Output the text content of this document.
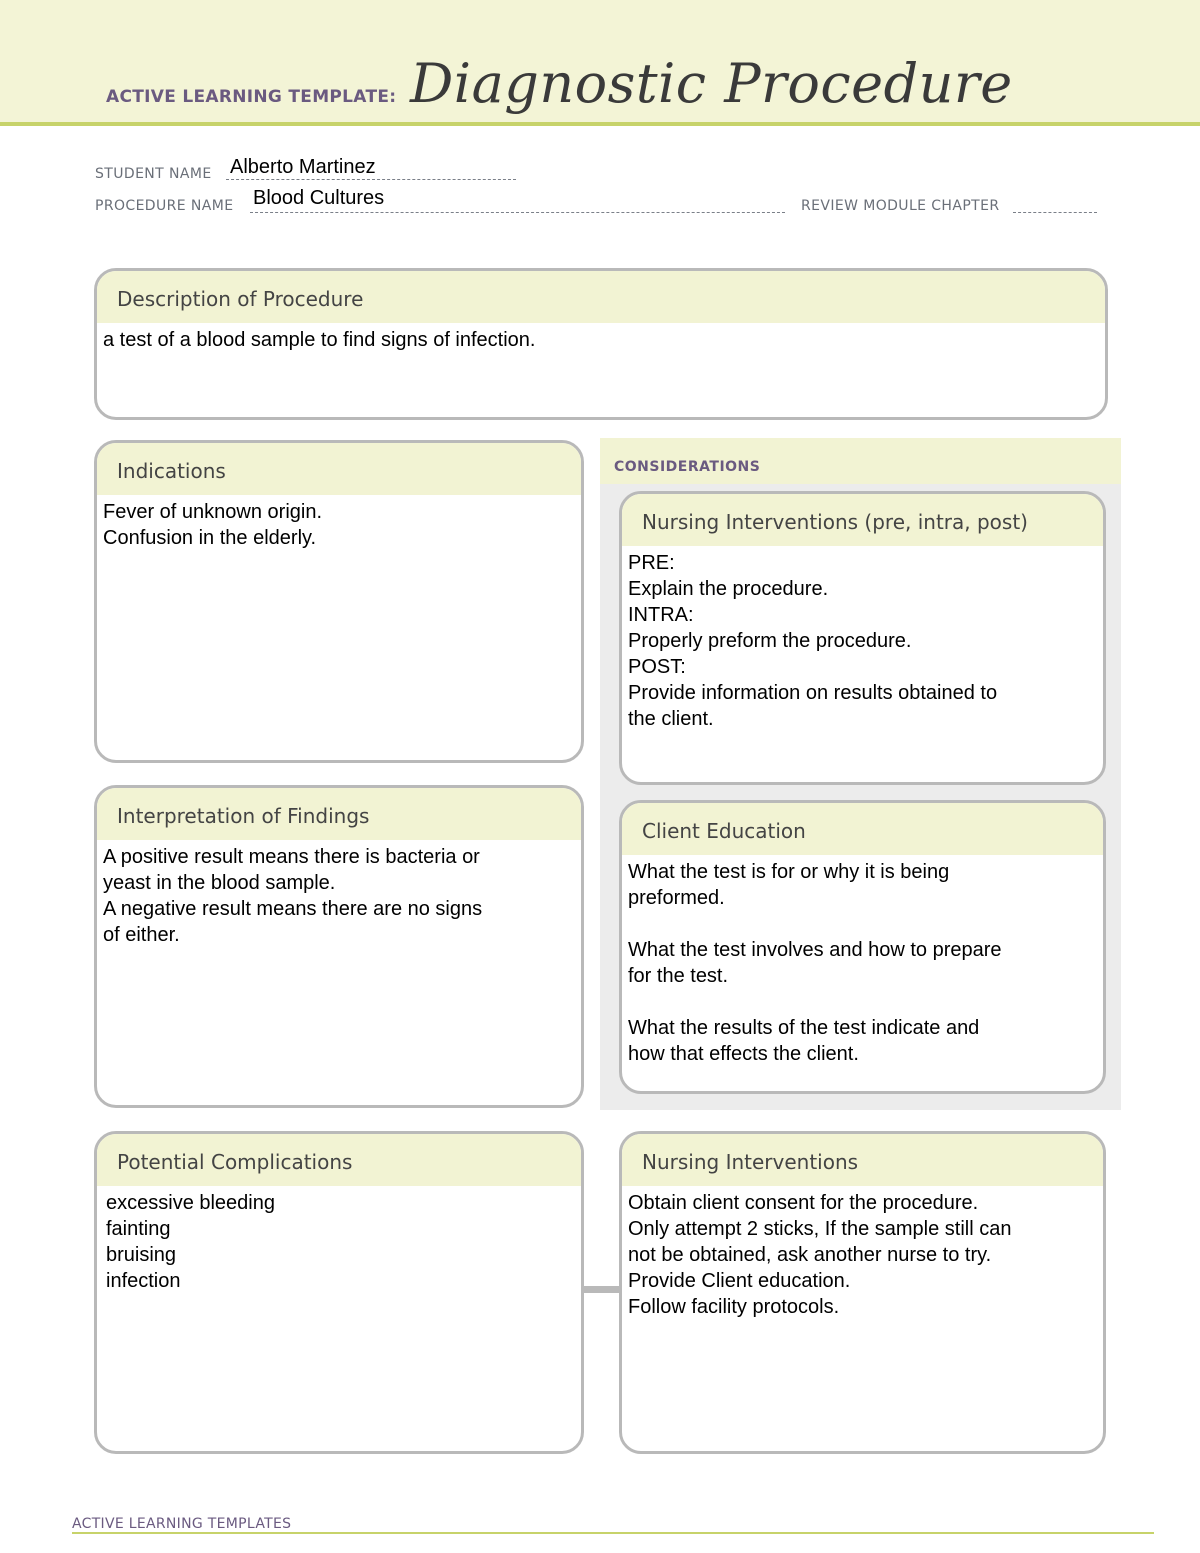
ACTIVE LEARNING TEMPLATE: Diagnostic Procedure
STUDENT NAME Alberto Martinez
PROCEDURE NAME Blood Cultures	REVIEW MODULE CHAPTER
Description of Procedure
a test of a blood sample to find signs of infection.
Indications
Fever of unknown origin.
Confusion in the elderly.
Interpretation of Findings
A positive result means there is bacteria or
yeast in the blood sample.
A negative result means there are no signs
of either.
CONSIDERATIONS
Nursing Interventions (pre, intra, post)
PRE:
Explain the procedure.
INTRA:
Properly preform the procedure.
POST:
Provide information on results obtained to
the client.
Client Education
What the test is for or why it is being
preformed.

What the test involves and how to prepare
for the test.

What the results of the test indicate and
how that effects the client.
Potential Complications
excessive bleeding
fainting
bruising
infection
Nursing Interventions
Obtain client consent for the procedure.
Only attempt 2 sticks, If the sample still can
not be obtained, ask another nurse to try.
Provide Client education.
Follow facility protocols.
ACTIVE LEARNING TEMPLATES
